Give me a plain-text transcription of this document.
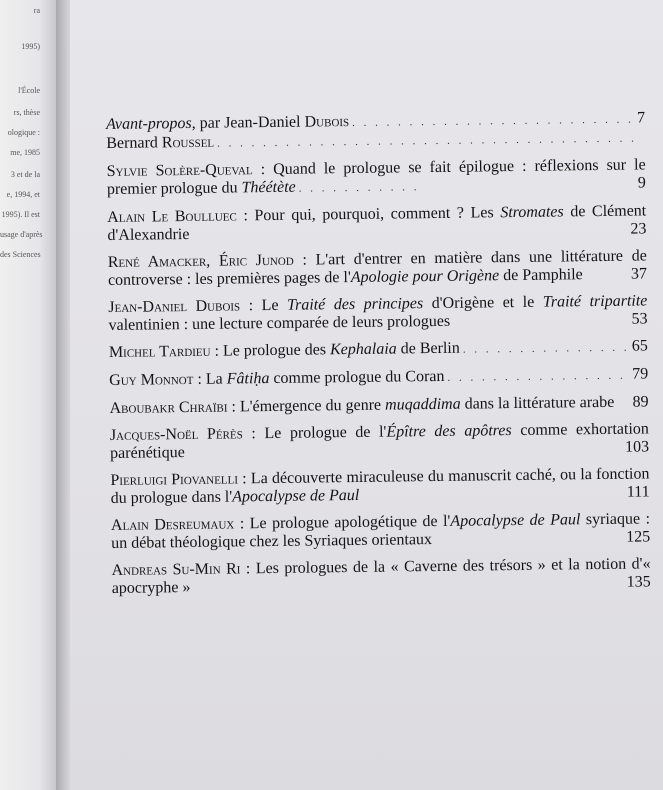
ra
1995)
l'École
rs, thèse
ologique :
me, 1985
3 et de la
e, 1994, et
1995). Il est
usage d'après
des Sciences
Avant-propos, par Jean-Daniel Dubois . . .	7
Bernard Roussel
. . .
Sylvie Solère-Queval : Quand le prologue se fait épilogue : réflexions sur le premier prologue du Théétète . . .	9
Alain Le Boulluec : Pour qui, pourquoi, comment ? Les Stromates de Clément d'Alexandrie	23
René Amacker, Éric Junod : L'art d'entrer en matière dans une littérature de controverse : les premières pages de l'Apologie pour Origène de Pamphile	37
Jean-Daniel Dubois : Le Traité des principes d'Origène et le Traité tripartite valentinien : une lecture comparée de leurs prologues	53
Michel Tardieu : Le prologue des Kephalaia de Berlin . . .	65
Guy Monnot : La Fâtiḥa comme prologue du Coran . . .	79
Aboubakr Chraïbi : L'émergence du genre muqaddima dans la littérature arabe 89
Jacques-Noël Pérès : Le prologue de l'Épître des apôtres comme exhortation parénétique	103
Pierluigi Piovanelli : La découverte miraculeuse du manuscrit caché, ou la fonction du prologue dans l'Apocalypse de Paul	111
Alain Desreumaux : Le prologue apologétique de l'Apocalypse de Paul syriaque : un débat théologique chez les Syriaques orientaux	125
Andreas Su-Min Ri : Les prologues de la « Caverne des trésors » et la notion d'« apocryphe »	135
